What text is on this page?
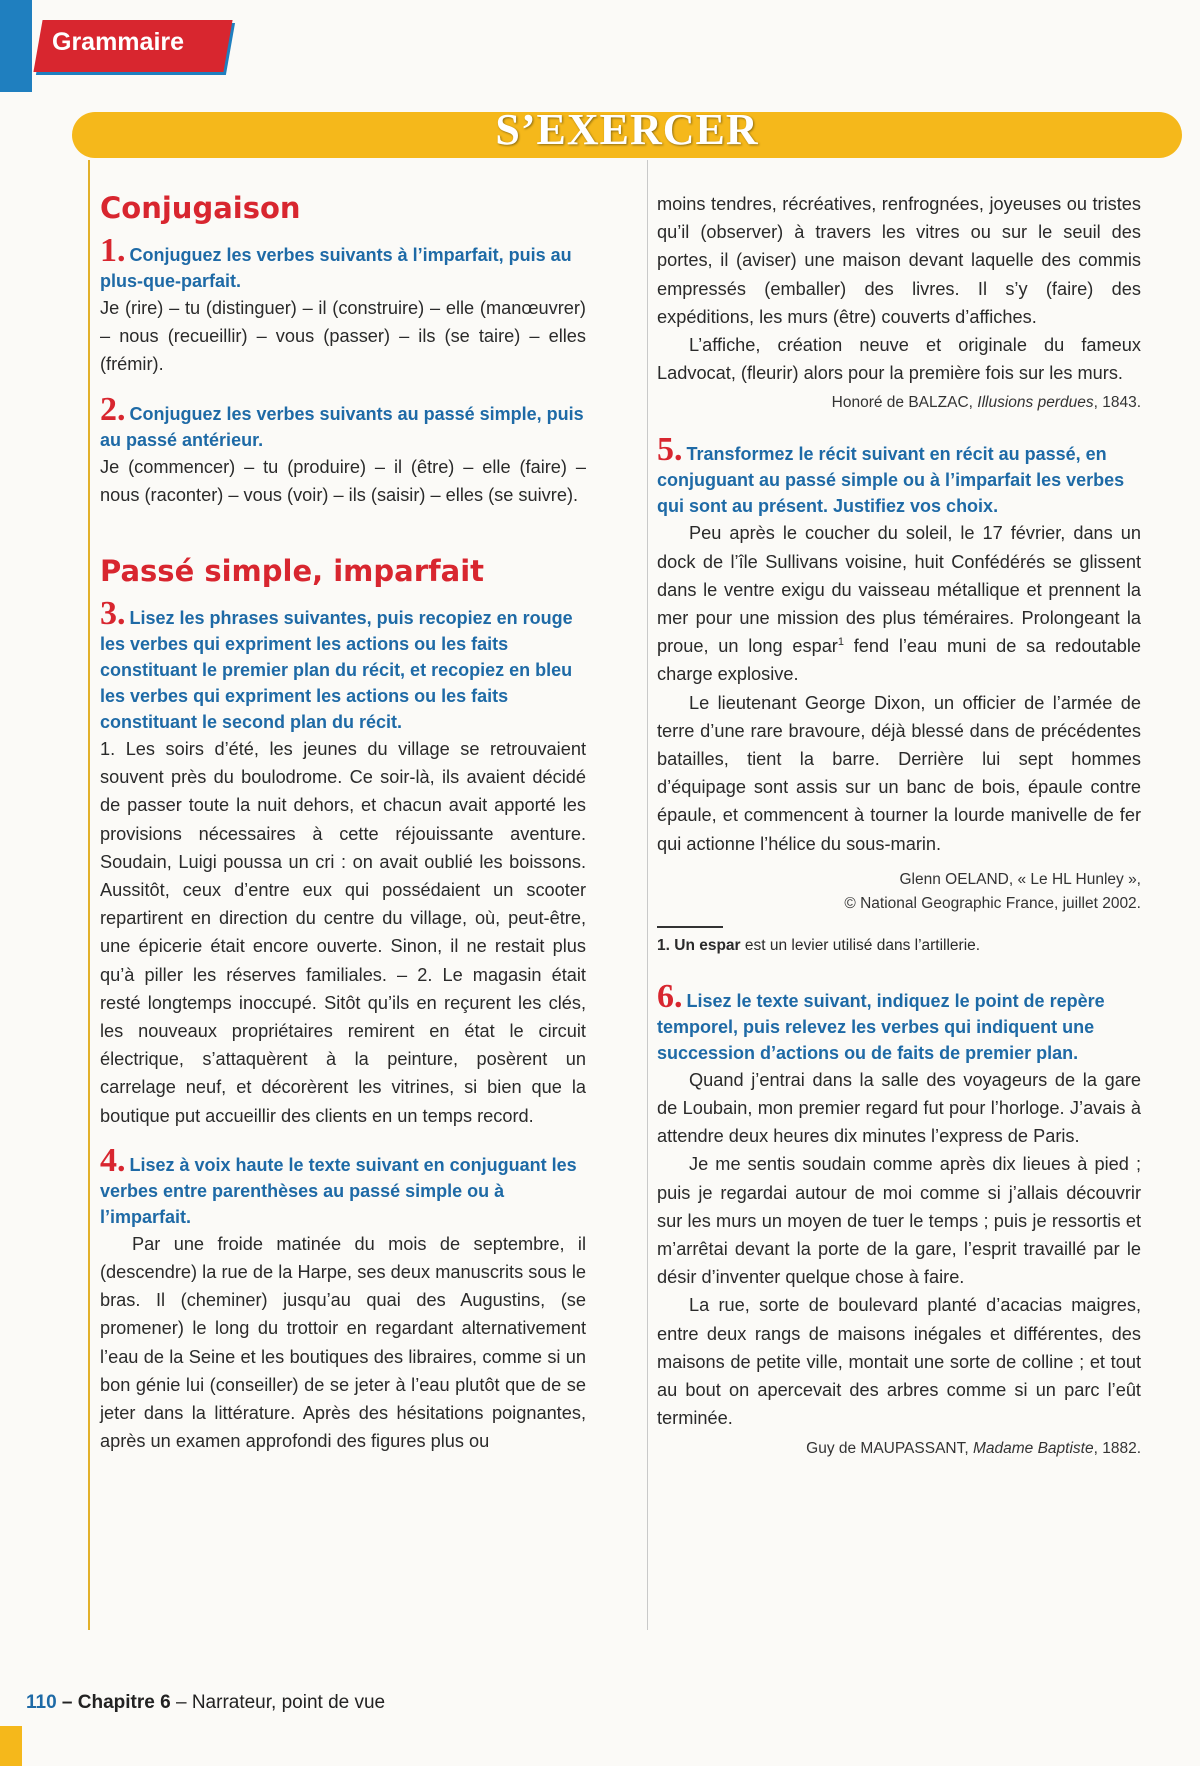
Grammaire
S’EXERCER
Conjugaison

1. Conjuguez les verbes suivants à l’imparfait, puis au plus-que-parfait.

Je (rire) – tu (distinguer) – il (construire) – elle (manœuvrer) – nous (recueillir) – vous (passer) – ils (se taire) – elles (frémir).

2. Conjuguez les verbes suivants au passé simple, puis au passé antérieur.

Je (commencer) – tu (produire) – il (être) – elle (faire) – nous (raconter) – vous (voir) – ils (saisir) – elles (se suivre).

Passé simple, imparfait

3. Lisez les phrases suivantes, puis recopiez en rouge les verbes qui expriment les actions ou les faits constituant le premier plan du récit, et recopiez en bleu les verbes qui expriment les actions ou les faits constituant le second plan du récit.

1. Les soirs d’été, les jeunes du village se retrouvaient souvent près du boulodrome. Ce soir-là, ils avaient décidé de passer toute la nuit dehors, et chacun avait apporté les provisions nécessaires à cette réjouissante aventure. Soudain, Luigi poussa un cri : on avait oublié les boissons. Aussitôt, ceux d’entre eux qui possédaient un scooter repartirent en direction du centre du village, où, peut-être, une épicerie était encore ouverte. Sinon, il ne restait plus qu’à piller les réserves familiales. – 2. Le magasin était resté longtemps inoccupé. Sitôt qu’ils en reçurent les clés, les nouveaux propriétaires remirent en état le circuit électrique, s’attaquèrent à la peinture, posèrent un carrelage neuf, et décorèrent les vitrines, si bien que la boutique put accueillir des clients en un temps record.

4. Lisez à voix haute le texte suivant en conjuguant les verbes entre parenthèses au passé simple ou à l’imparfait.

Par une froide matinée du mois de septembre, il (descendre) la rue de la Harpe, ses deux manuscrits sous le bras. Il (cheminer) jusqu’au quai des Augustins, (se promener) le long du trottoir en regardant alternativement l’eau de la Seine et les boutiques des libraires, comme si un bon génie lui (conseiller) de se jeter à l’eau plutôt que de se jeter dans la littérature. Après des hésitations poignantes, après un examen approfondi des figures plus ou

moins tendres, récréatives, renfrognées, joyeuses ou tristes qu’il (observer) à travers les vitres ou sur le seuil des portes, il (aviser) une maison devant laquelle des commis empressés (emballer) des livres. Il s’y (faire) des expéditions, les murs (être) couverts d’affiches.

L’affiche, création neuve et originale du fameux Ladvocat, (fleurir) alors pour la première fois sur les murs.

Honoré de BALZAC, Illusions perdues, 1843.

5. Transformez le récit suivant en récit au passé, en conjuguant au passé simple ou à l’imparfait les verbes qui sont au présent. Justifiez vos choix.

Peu après le coucher du soleil, le 17 février, dans un dock de l’île Sullivans voisine, huit Confédérés se glissent dans le ventre exigu du vaisseau métallique et prennent la mer pour une mission des plus téméraires. Prolongeant la proue, un long espar$^1$ fend l’eau muni de sa redoutable charge explosive.

Le lieutenant George Dixon, un officier de l’armée de terre d’une rare bravoure, déjà blessé dans de précédentes batailles, tient la barre. Derrière lui sept hommes d’équipage sont assis sur un banc de bois, épaule contre épaule, et commencent à tourner la lourde manivelle de fer qui actionne l’hélice du sous-marin.

Glenn OELAND, « Le HL Hunley »,
© National Geographic France, juillet 2002.

1. Un espar est un levier utilisé dans l’artillerie.

6. Lisez le texte suivant, indiquez le point de repère temporel, puis relevez les verbes qui indiquent une succession d’actions ou de faits de premier plan.

Quand j’entrai dans la salle des voyageurs de la gare de Loubain, mon premier regard fut pour l’horloge. J’avais à attendre deux heures dix minutes l’express de Paris.

Je me sentis soudain comme après dix lieues à pied ; puis je regardai autour de moi comme si j’allais découvrir sur les murs un moyen de tuer le temps ; puis je ressortis et m’arrêtai devant la porte de la gare, l’esprit travaillé par le désir d’inventer quelque chose à faire.

La rue, sorte de boulevard planté d’acacias maigres, entre deux rangs de maisons inégales et différentes, des maisons de petite ville, montait une sorte de colline ; et tout au bout on apercevait des arbres comme si un parc l’eût terminée.

Guy de MAUPASSANT, Madame Baptiste, 1882.

110 – Chapitre 6 – Narrateur, point de vue
